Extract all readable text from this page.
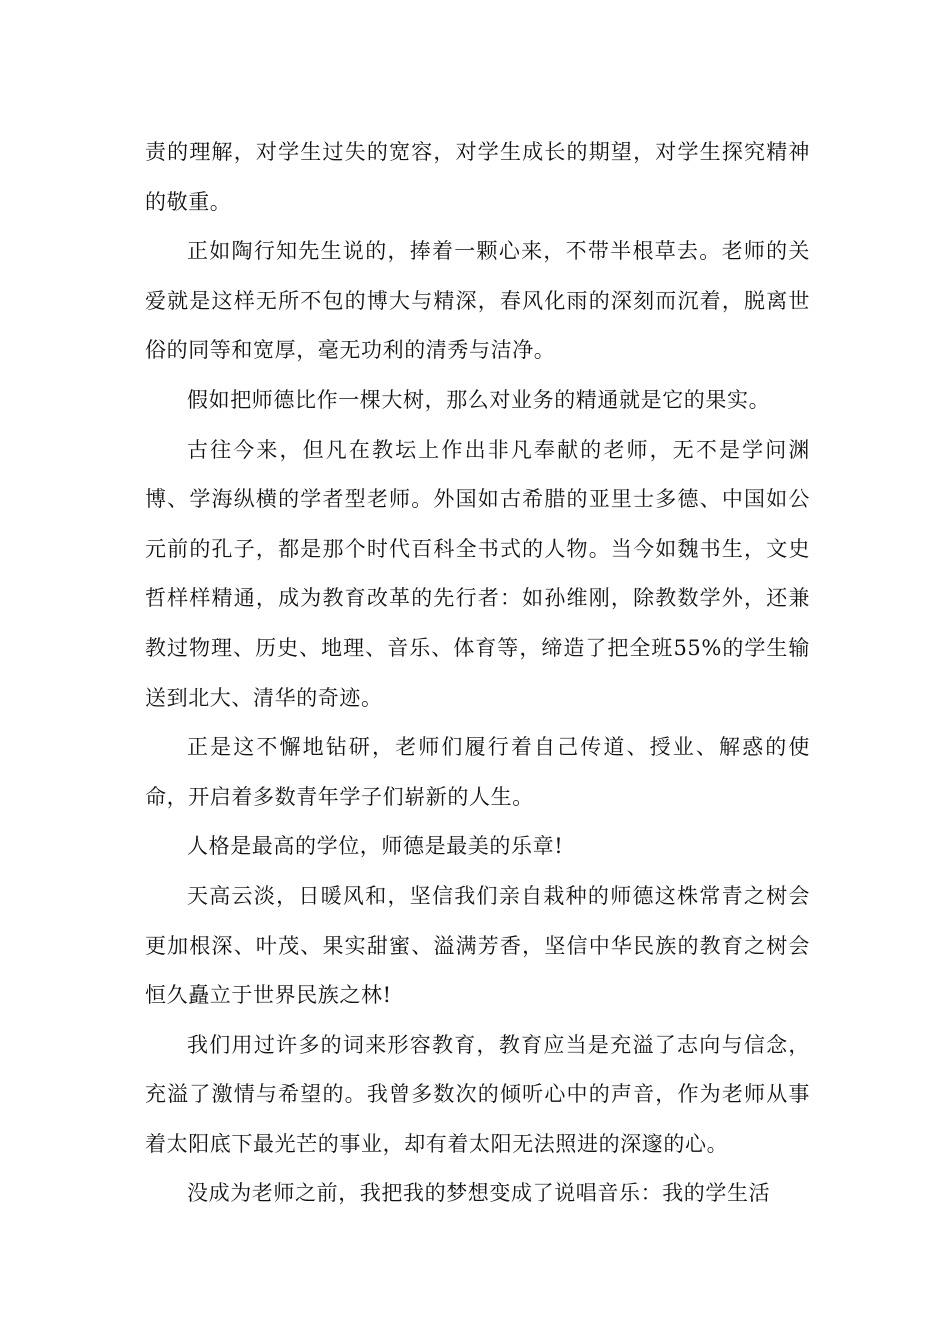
责的理解，对学生过失的宽容，对学生成长的期望，对学生探究精神的敬重。

正如陶行知先生说的，捧着一颗心来，不带半根草去。老师的关爱就是这样无所不包的博大与精深，春风化雨的深刻而沉着，脱离世俗的同等和宽厚，毫无功利的清秀与洁净。

假如把师德比作一棵大树，那么对业务的精通就是它的果实。

古往今来，但凡在教坛上作出非凡奉献的老师，无不是学问渊博、学海纵横的学者型老师。外国如古希腊的亚里士多德、中国如公元前的孔子，都是那个时代百科全书式的人物。当今如魏书生，文史哲样样精通，成为教育改革的先行者：如孙维刚，除教数学外，还兼教过物理、历史、地理、音乐、体育等，缔造了把全班55%的学生输送到北大、清华的奇迹。

正是这不懈地钻研，老师们履行着自己传道、授业、解惑的使命，开启着多数青年学子们崭新的人生。

人格是最高的学位，师德是最美的乐章!

天高云淡，日暖风和，坚信我们亲自栽种的师德这株常青之树会更加根深、叶茂、果实甜蜜、溢满芳香，坚信中华民族的教育之树会恒久矗立于世界民族之林!

我们用过许多的词来形容教育，教育应当是充溢了志向与信念，充溢了激情与希望的。我曾多数次的倾听心中的声音，作为老师从事着太阳底下最光芒的事业，却有着太阳无法照进的深邃的心。

没成为老师之前，我把我的梦想变成了说唱音乐：我的学生活
